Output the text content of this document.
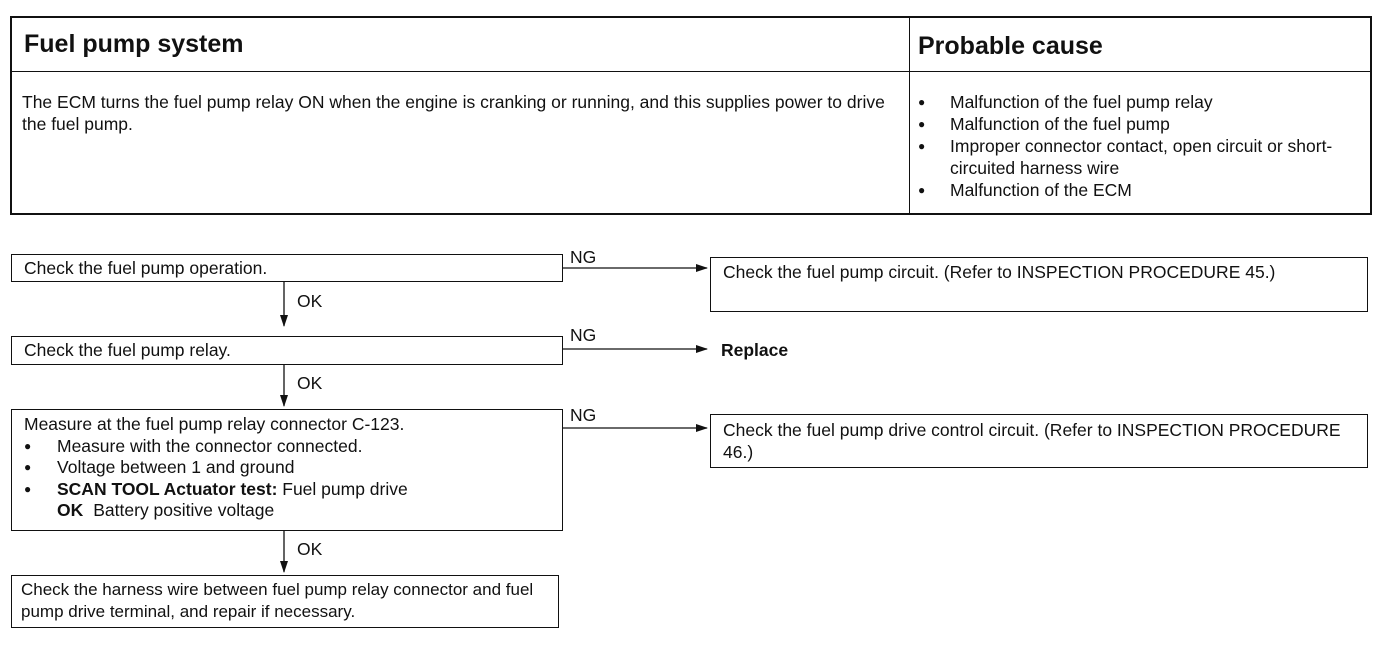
Fuel pump system	Probable cause
The ECM turns the fuel pump relay ON when the engine is cranking or running, and this supplies power to drive the fuel pump.
● Malfunction of the fuel pump relay
● Malfunction of the fuel pump
● Improper connector contact, open circuit or short-circuited harness wire
● Malfunction of the ECM
Check the fuel pump operation.
NG
Check the fuel pump circuit. (Refer to INSPECTION PROCEDURE 45.)
OK
Check the fuel pump relay.
NG
Replace
OK
Measure at the fuel pump relay connector C-123.
● Measure with the connector connected.
● Voltage between 1 and ground
● SCAN TOOL Actuator test: Fuel pump drive
OK Battery positive voltage
NG
Check the fuel pump drive control circuit. (Refer to INSPECTION PROCEDURE 46.)
OK
Check the harness wire between fuel pump relay connector and fuel pump drive terminal, and repair if necessary.
